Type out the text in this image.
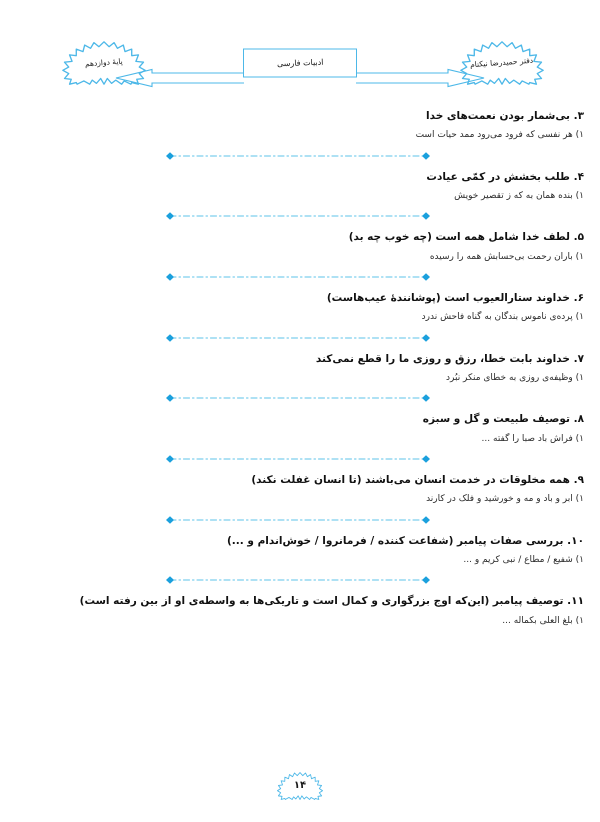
پایهٔ دوازدهم	دفتر حمیدرضا نیکنام
ادبیات فارسی
۳. بی‌شمار بودن نعمت‌های خدا
۱) هر نفسی که فرود می‌رود ممد حیات است
۴. طلب بخشش در کمّی عیادت
۱) بنده همان به که ز تقصیر خویش
۵. لطف خدا شامل همه است (چه خوب چه بد)
۱) باران رحمت بی‌حسابش همه را رسیده
۶. خداوند ستارالعیوب است (پوشانندهٔ عیب‌هاست)
۱) پرده‌ی ناموس بندگان به گناه فاحش ندرد
۷. خداوند بابت خطا، رزق و روزی ما را قطع نمی‌کند
۱) وظیفه‌ی روزی به خطای منکر نبُرد
۸. توصیف طبیعت و گل و سبزه
۱) فراش باد صبا را گفته ...
۹. همه مخلوقات در خدمت انسان می‌باشند (تا انسان غفلت نکند)
۱) ابر و باد و مه و خورشید و فلک در کارند
۱۰. بررسی صفات پیامبر (شفاعت کننده / فرمانروا / خوش‌اندام و ...)
۱) شفیع / مطاع / نبی کریم و ...
۱۱. توصیف پیامبر (این‌که اوج بزرگواری و کمال است و تاریکی‌ها به واسطه‌ی او از بین رفته است)
۱) بلغ العلی بکماله ...
۱۴
